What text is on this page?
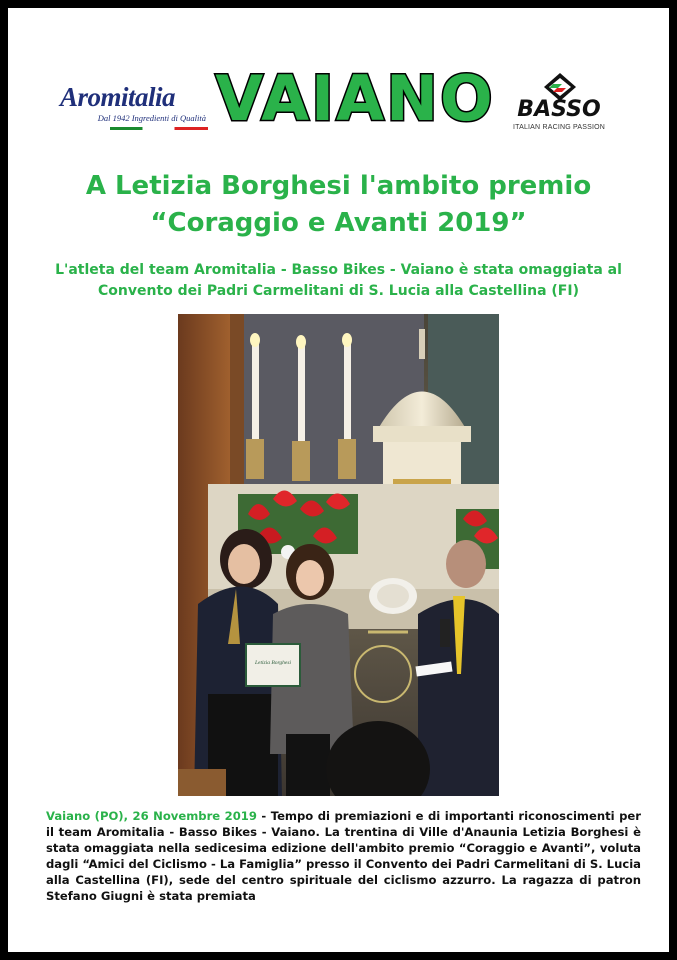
Aromitalia
Dal 1942 Ingredienti di Qualità VAIANO	BASSO
ITALIAN RACING PASSION
A Letizia Borghesi l'ambito premio
“Coraggio e Avanti 2019”
L'atleta del team Aromitalia - Basso Bikes - Vaiano è stata omaggiata al
Convento dei Padri Carmelitani di S. Lucia alla Castellina (FI)
Letizia Borghesi
Vaiano (PO), 26 Novembre 2019 - Tempo di premiazioni e di importanti riconoscimenti per il team Aromitalia - Basso Bikes - Vaiano. La trentina di Ville d'Anaunia Letizia Borghesi è stata omaggiata nella sedicesima edizione dell'ambito premio “Coraggio e Avanti”, voluta dagli “Amici del Ciclismo - La Famiglia” presso il Convento dei Padri Carmelitani di S. Lucia alla Castellina (FI), sede del centro spirituale del ciclismo azzurro. La ragazza di patron Stefano Giugni è stata premiata
